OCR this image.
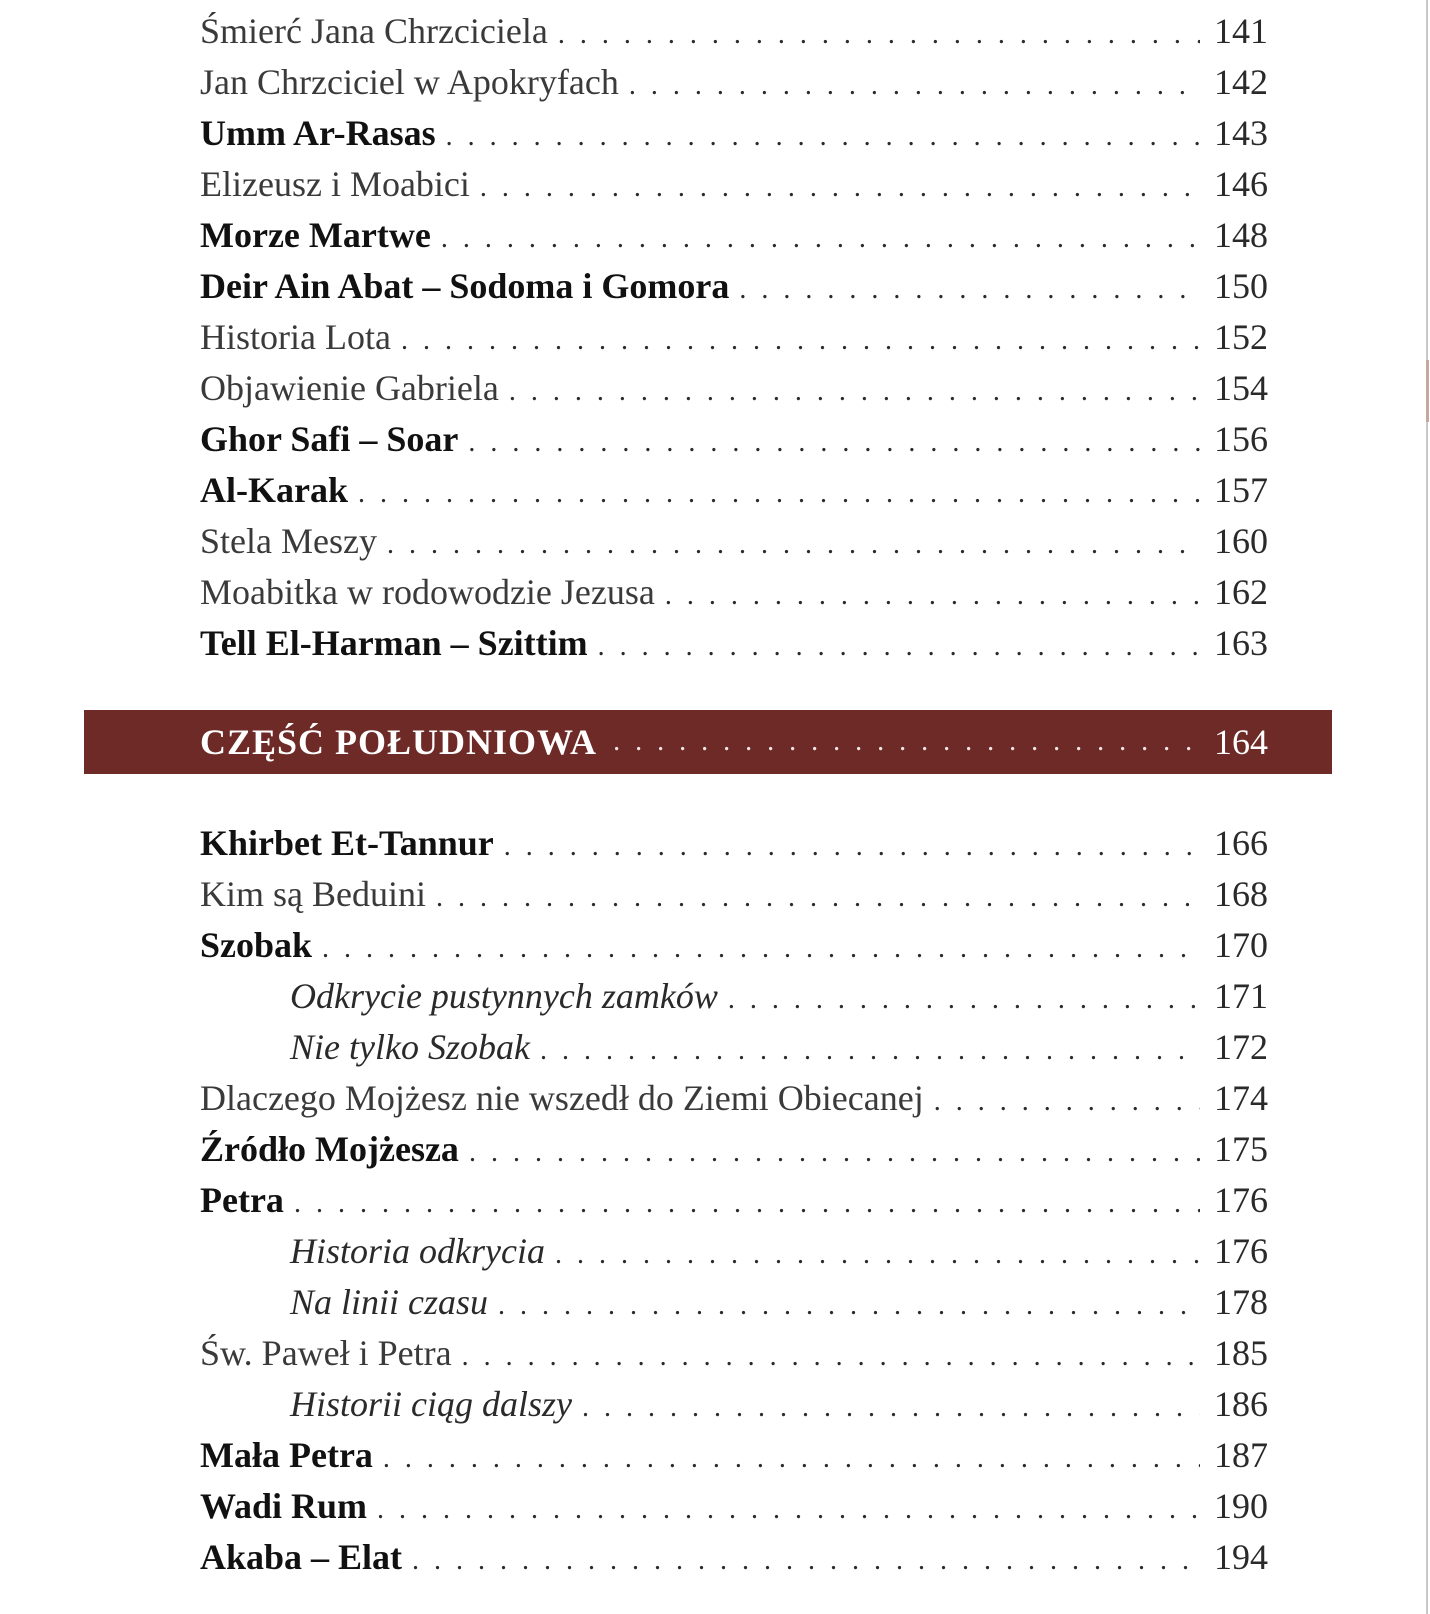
Śmierć Jana Chrzciciela . . .	141
Jan Chrzciciel w Apokryfach . . .	142
Umm Ar-Rasas . . .	143
Elizeusz i Moabici . . .	146
Morze Martwe . . .	148
Deir Ain Abat – Sodoma i Gomora . . .	150
Historia Lota . . .	152
Objawienie Gabriela . . .	154
Ghor Safi – Soar . . .	156
Al-Karak . . .	157
Stela Meszy . . .	160
Moabitka w rodowodzie Jezusa . . .	162
Tell El-Harman – Szittim . . .	163
CZĘŚĆ POŁUDNIOWA . . .	164
Khirbet Et-Tannur . . .	166
Kim są Beduini . . .	168
Szobak . . .	170
Odkrycie pustynnych zamków . . .	171
Nie tylko Szobak . . .	172
Dlaczego Mojżesz nie wszedł do Ziemi Obiecanej . . .	174
Źródło Mojżesza . . .	175
Petra . . .	176
Historia odkrycia . . .	176
Na linii czasu . . .	178
Św. Paweł i Petra . . .	185
Historii ciąg dalszy . . .	186
Mała Petra . . .	187
Wadi Rum . . .	190
Akaba – Elat . . .	194
